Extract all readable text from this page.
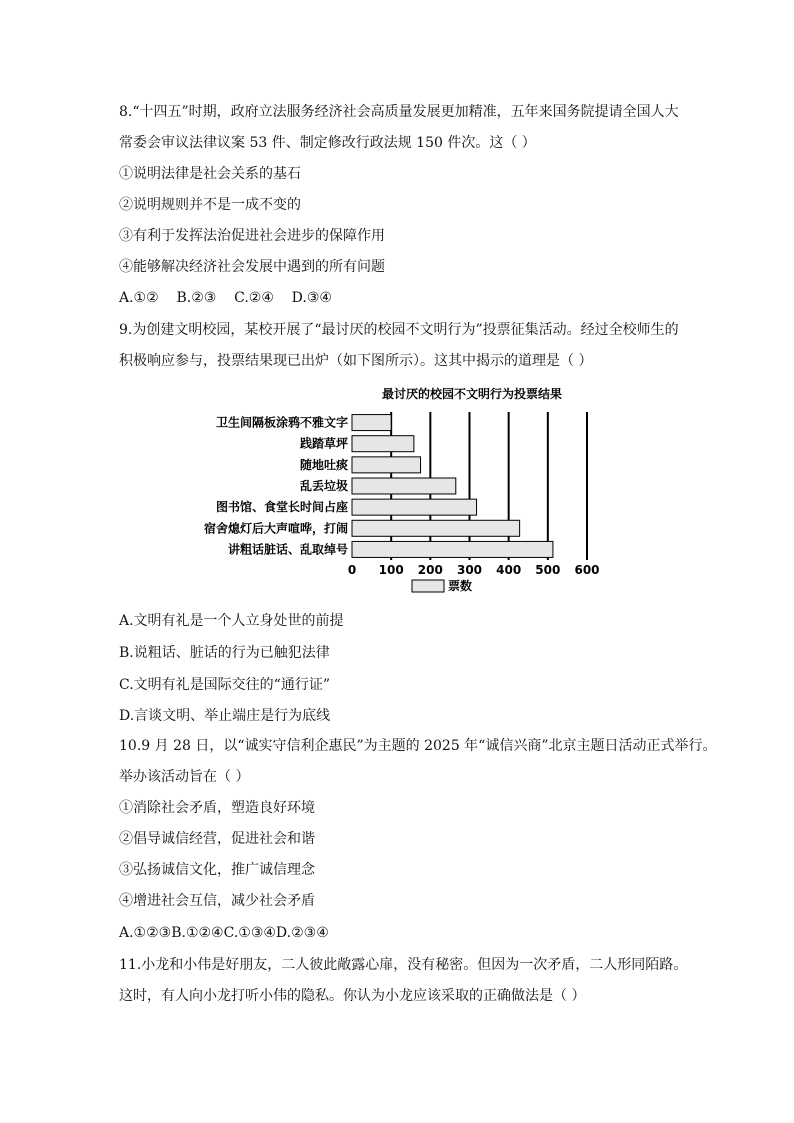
8.“十四五”时期，政府立法服务经济社会高质量发展更加精准，五年来国务院提请全国人大
常委会审议法律议案 53 件、制定修改行政法规 150 件次。这（ ）
①说明法律是社会关系的基石
②说明规则并不是一成不变的
③有利于发挥法治促进社会进步的保障作用
④能够解决经济社会发展中遇到的所有问题
A.①②    B.②③    C.②④    D.③④
9.为创建文明校园，某校开展了“最讨厌的校园不文明行为”投票征集活动。经过全校师生的
积极响应参与，投票结果现已出炉（如下图所示）。这其中揭示的道理是（ ）
最讨厌的校园不文明行为投票结果
卫生间隔板涂鸦不雅文字
践踏草坪
随地吐痰
乱丢垃圾
图书馆、食堂长时间占座
宿舍熄灯后大声喧哗，打闹
讲粗话脏话、乱取绰号
0 100 200 300 400 500 600
票数
A.文明有礼是一个人立身处世的前提
B.说粗话、脏话的行为已触犯法律
C.文明有礼是国际交往的“通行证”
D.言谈文明、举止端庄是行为底线
10.9 月 28 日，以“诚实守信利企惠民”为主题的 2025 年“诚信兴商”北京主题日活动正式举行。
举办该活动旨在（ ）
①消除社会矛盾，塑造良好环境
②倡导诚信经营，促进社会和谐
③弘扬诚信文化，推广诚信理念
④增进社会互信，减少社会矛盾
A.①②③B.①②④C.①③④D.②③④
11.小龙和小伟是好朋友，二人彼此敞露心扉，没有秘密。但因为一次矛盾，二人形同陌路。
这时，有人向小龙打听小伟的隐私。你认为小龙应该采取的正确做法是（ ）
